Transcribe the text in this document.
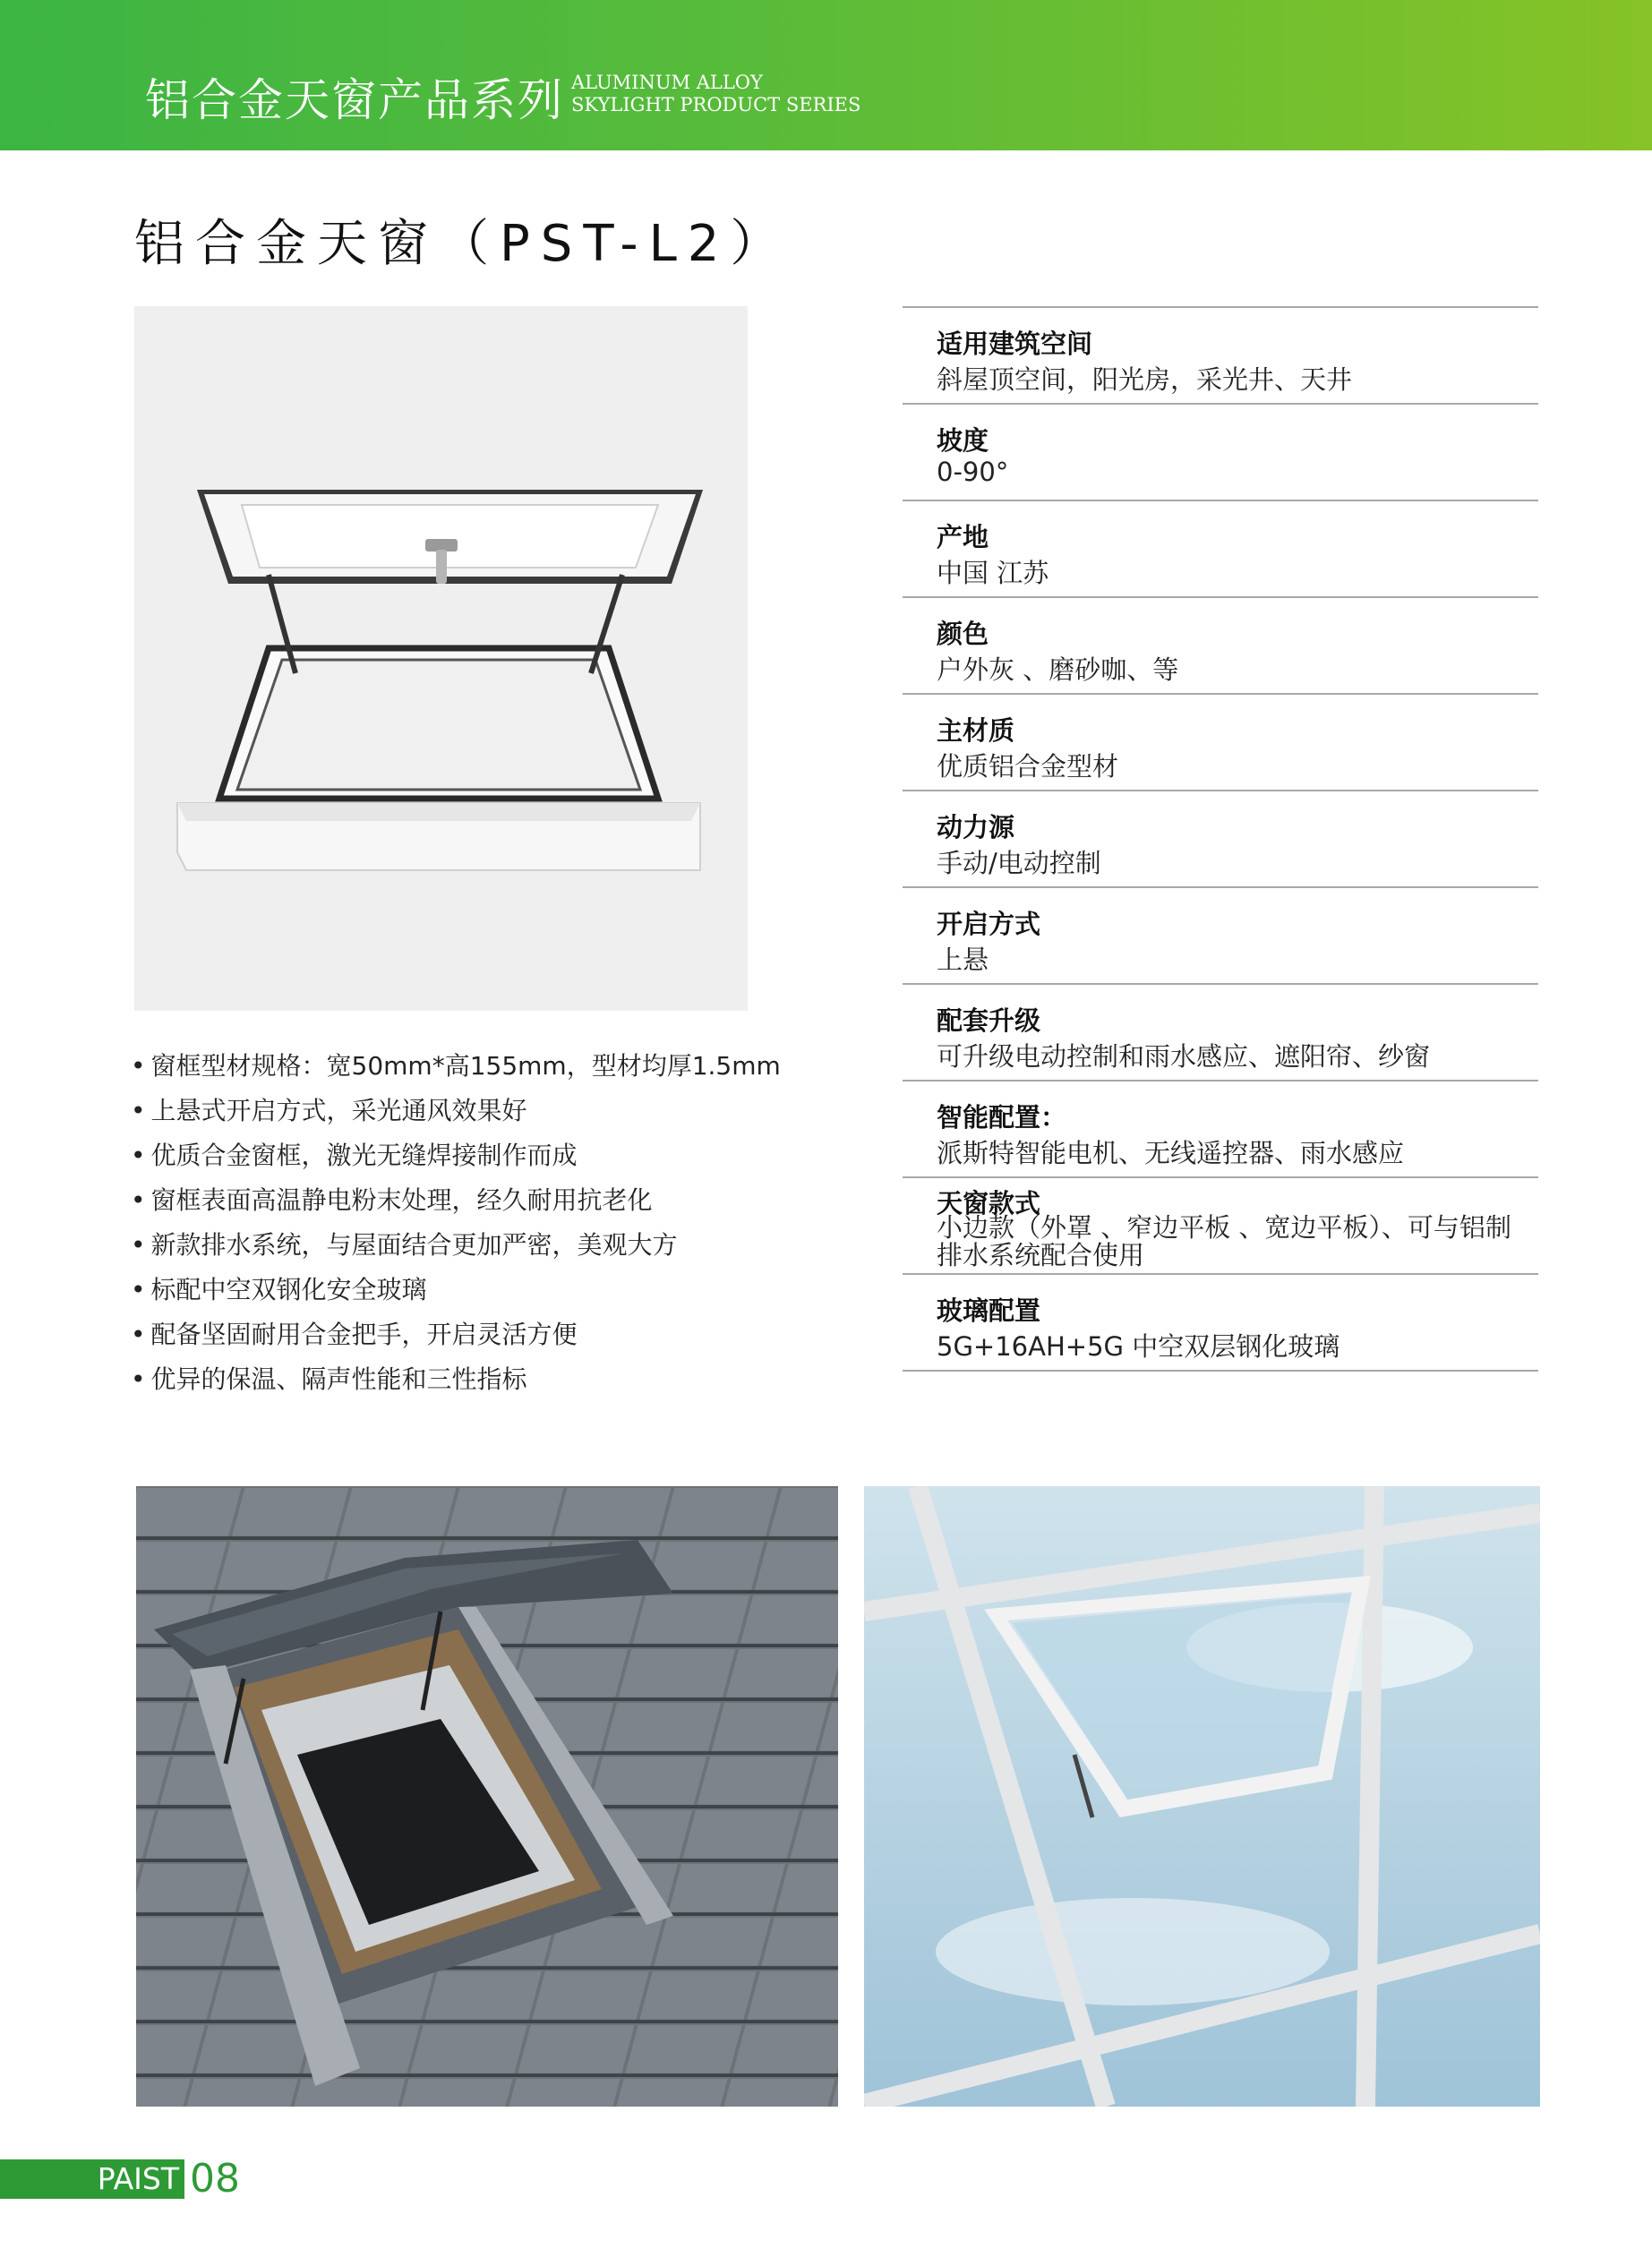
铝合金天窗产品系列 ALUMINUM ALLOY
SKYLIGHT PRODUCT SERIES
铝合金天窗（PST-L2）
• 窗框型材规格：宽50mm*高155mm，型材均厚1.5mm
• 上悬式开启方式，采光通风效果好
• 优质合金窗框，激光无缝焊接制作而成
• 窗框表面高温静电粉末处理，经久耐用抗老化
• 新款排水系统，与屋面结合更加严密，美观大方
• 标配中空双钢化安全玻璃
• 配备坚固耐用合金把手，开启灵活方便
• 优异的保温、隔声性能和三性指标
适用建筑空间
斜屋顶空间，阳光房，采光井、天井
坡度
0-90°
产地
中国 江苏
颜色
户外灰 、磨砂咖、等
主材质
优质铝合金型材
动力源
手动/电动控制
开启方式
上悬
配套升级
可升级电动控制和雨水感应、遮阳帘、纱窗
智能配置：
派斯特智能电机、无线遥控器、雨水感应
天窗款式
小边款（外罩 、窄边平板 、宽边平板）、可与铝制排水系统配合使用
玻璃配置
5G+16AH+5G 中空双层钢化玻璃
PAIST 08
